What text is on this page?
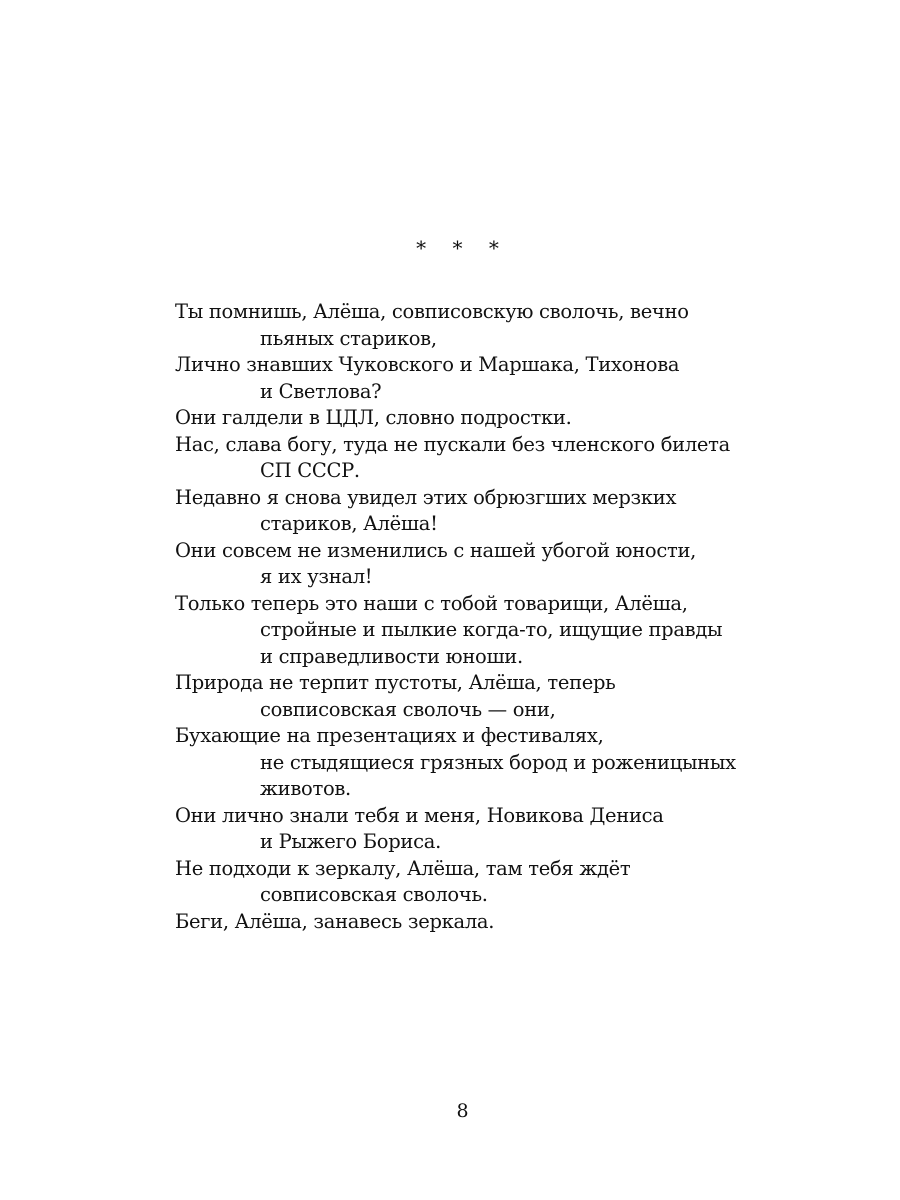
* * *
Ты помнишь, Алёша, совписовскую сволочь, вечно
пьяных стариков,
Лично знавших Чуковского и Маршака, Тихонова
и Светлова?
Они галдели в ЦДЛ, словно подростки.
Нас, слава богу, туда не пускали без членского билета
СП СССР.
Недавно я снова увидел этих обрюзгших мерзких
стариков, Алёша!
Они совсем не изменились с нашей убогой юности,
я их узнал!
Только теперь это наши с тобой товарищи, Алёша,
стройные и пылкие когда-то, ищущие правды
и справедливости юноши.
Природа не терпит пустоты, Алёша, теперь
совписовская сволочь — они,
Бухающие на презентациях и фестивалях,
не стыдящиеся грязных бород и роженицыных
животов.
Они лично знали тебя и меня, Новикова Дениса
и Рыжего Бориса.
Не подходи к зеркалу, Алёша, там тебя ждёт
совписовская сволочь.
Беги, Алёша, занавесь зеркала.
8
